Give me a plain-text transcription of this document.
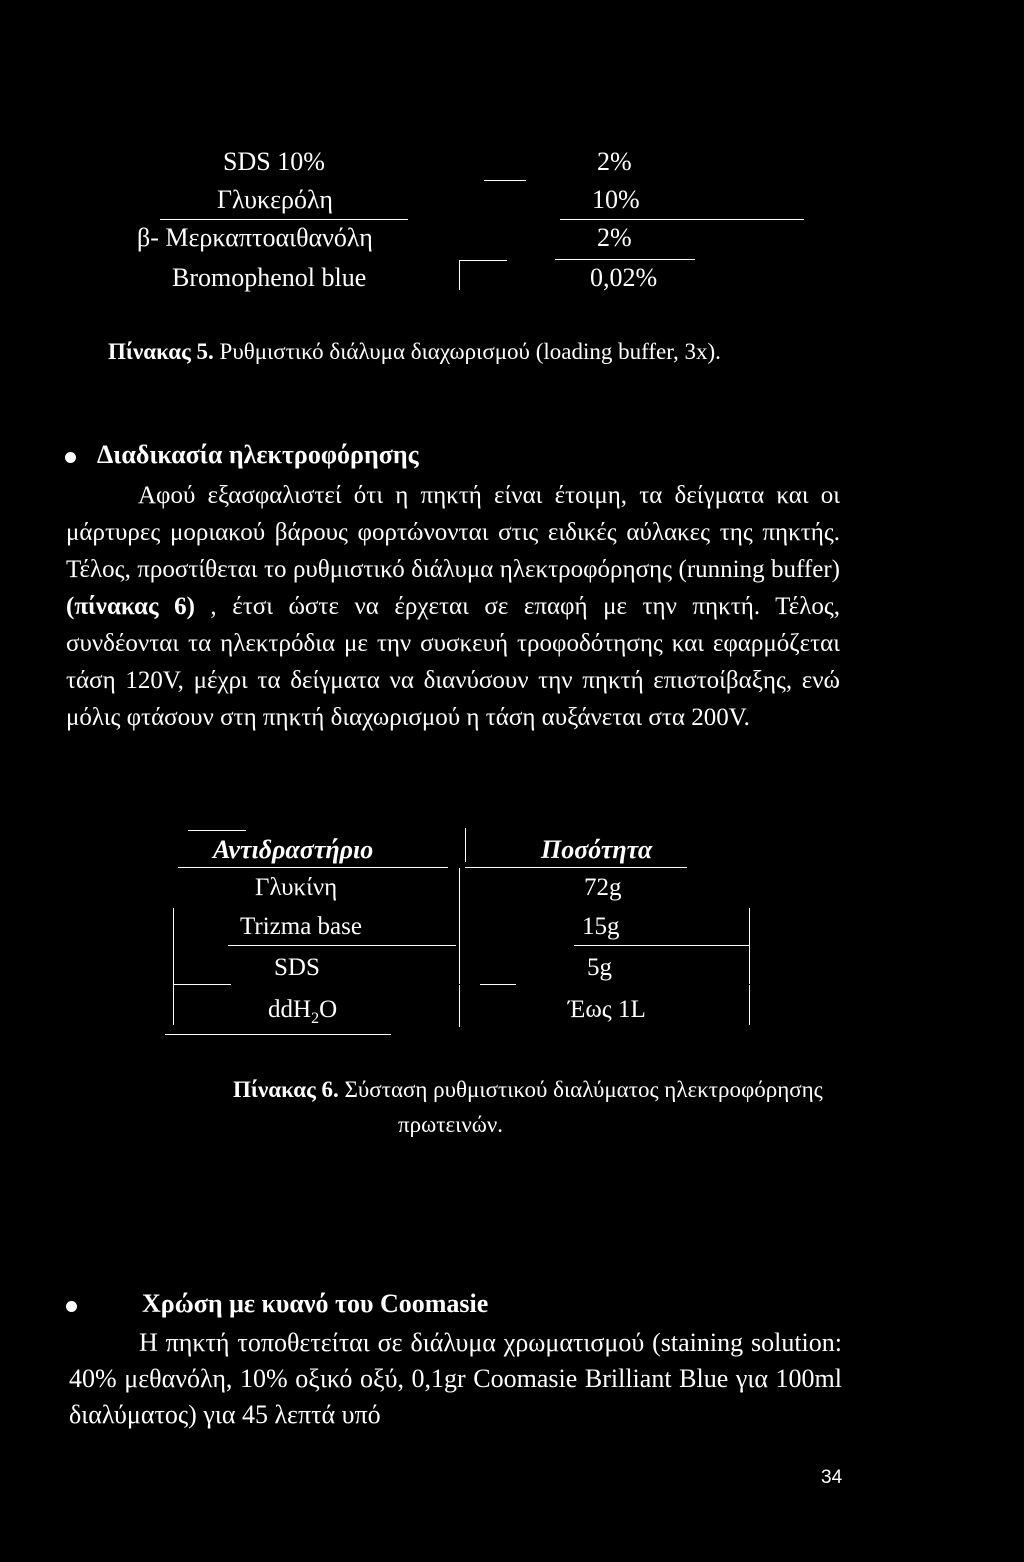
SDS 10%	2%
Γλυκερόλη	10%
β- Μερκαπτοαιθανόλη	2%
Bromophenol blue	0,02%
Πίνακας 5. Ρυθμιστικό διάλυμα διαχωρισμού (loading buffer, 3x).
Διαδικασία ηλεκτροφόρησης
Αφού εξασφαλιστεί ότι η πηκτή είναι έτοιμη, τα δείγματα και οι μάρτυρες μοριακού βάρους φορτώνονται στις ειδικές αύλακες της πηκτής. Τέλος, προστίθεται το ρυθμιστικό διάλυμα ηλεκτροφόρησης (running buffer) (πίνακας 6) , έτσι ώστε να έρχεται σε επαφή με την πηκτή. Τέλος, συνδέονται τα ηλεκτρόδια με την συσκευή τροφοδότησης και εφαρμόζεται τάση 120V, μέχρι τα δείγματα να διανύσουν την πηκτή επιστοίβαξης, ενώ μόλις φτάσουν στη πηκτή διαχωρισμού η τάση αυξάνεται στα 200V.
Αντιδραστήριο	Ποσότητα
Γλυκίνη	72g
Trizma base	15g
SDS	5g
ddH$_2$O	Έως 1L
Πίνακας 6. Σύσταση ρυθμιστικού διαλύματος ηλεκτροφόρησης
πρωτεινών.
Χρώση με κυανό του Coomasie
Η πηκτή τοποθετείται σε διάλυμα χρωματισμού (staining solution: 40% μεθανόλη, 10% οξικό οξύ, 0,1gr Coomasie Brilliant Blue για 100ml διαλύματος) για 45 λεπτά υπό
34
